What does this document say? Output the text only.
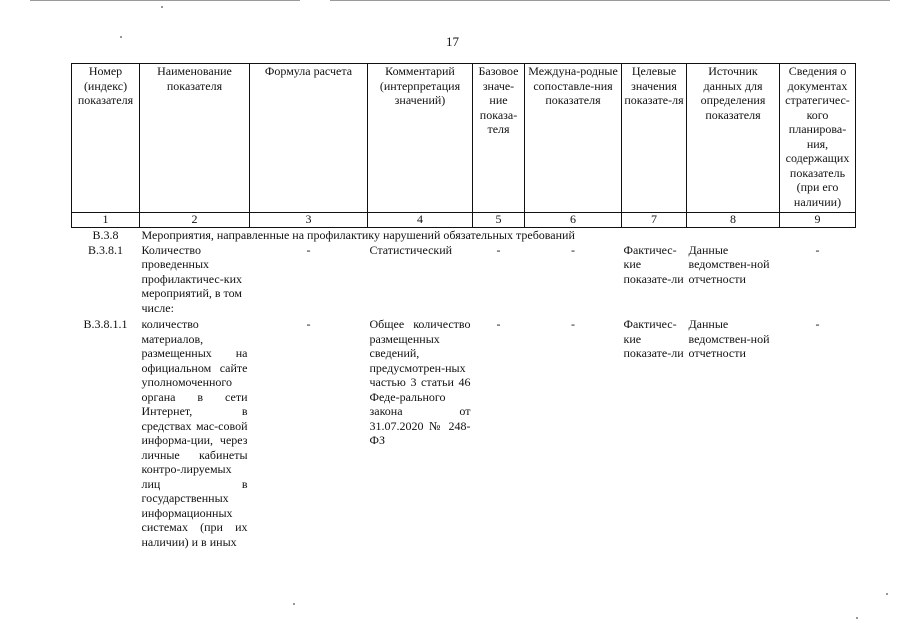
17
Номер (индекс) показателя	Наименование показателя	Формула расчета	Комментарий (интерпретация значений)	Базовое значе-ние показа-теля	Междуна-родные сопоставле-ния показателя	Целевые значения показате-ля	Источник данных для определения показателя	Сведения о документах стратегичес-кого планирова-ния, содержащих показатель (при его наличии)
1	2	3	4	5	6	7	8	9
В.3.8	Мероприятия, направленные на профилактику нарушений обязательных требований							
В.3.8.1	Количество проведенных профилактичес-ких мероприятий, в том числе:	-	Статистический	-	-	Фактичес-кие показате-ли	Данные ведомствен-ной отчетности	-
В.3.8.1.1	количество материалов, размещенных на официальном сайте уполномоченного органа в сети Интернет, в средствах мас-совой информа-ции, через личные кабинеты контро-лируемых лиц в государственных информационных системах (при их наличии) и в иных	-	Общее количество размещенных сведений, предусмотрен-ных частью 3 статьи 46 Феде-рального закона от 31.07.2020 № 248-ФЗ	-	-	Фактичес-кие показате-ли	Данные ведомствен-ной отчетности	-
